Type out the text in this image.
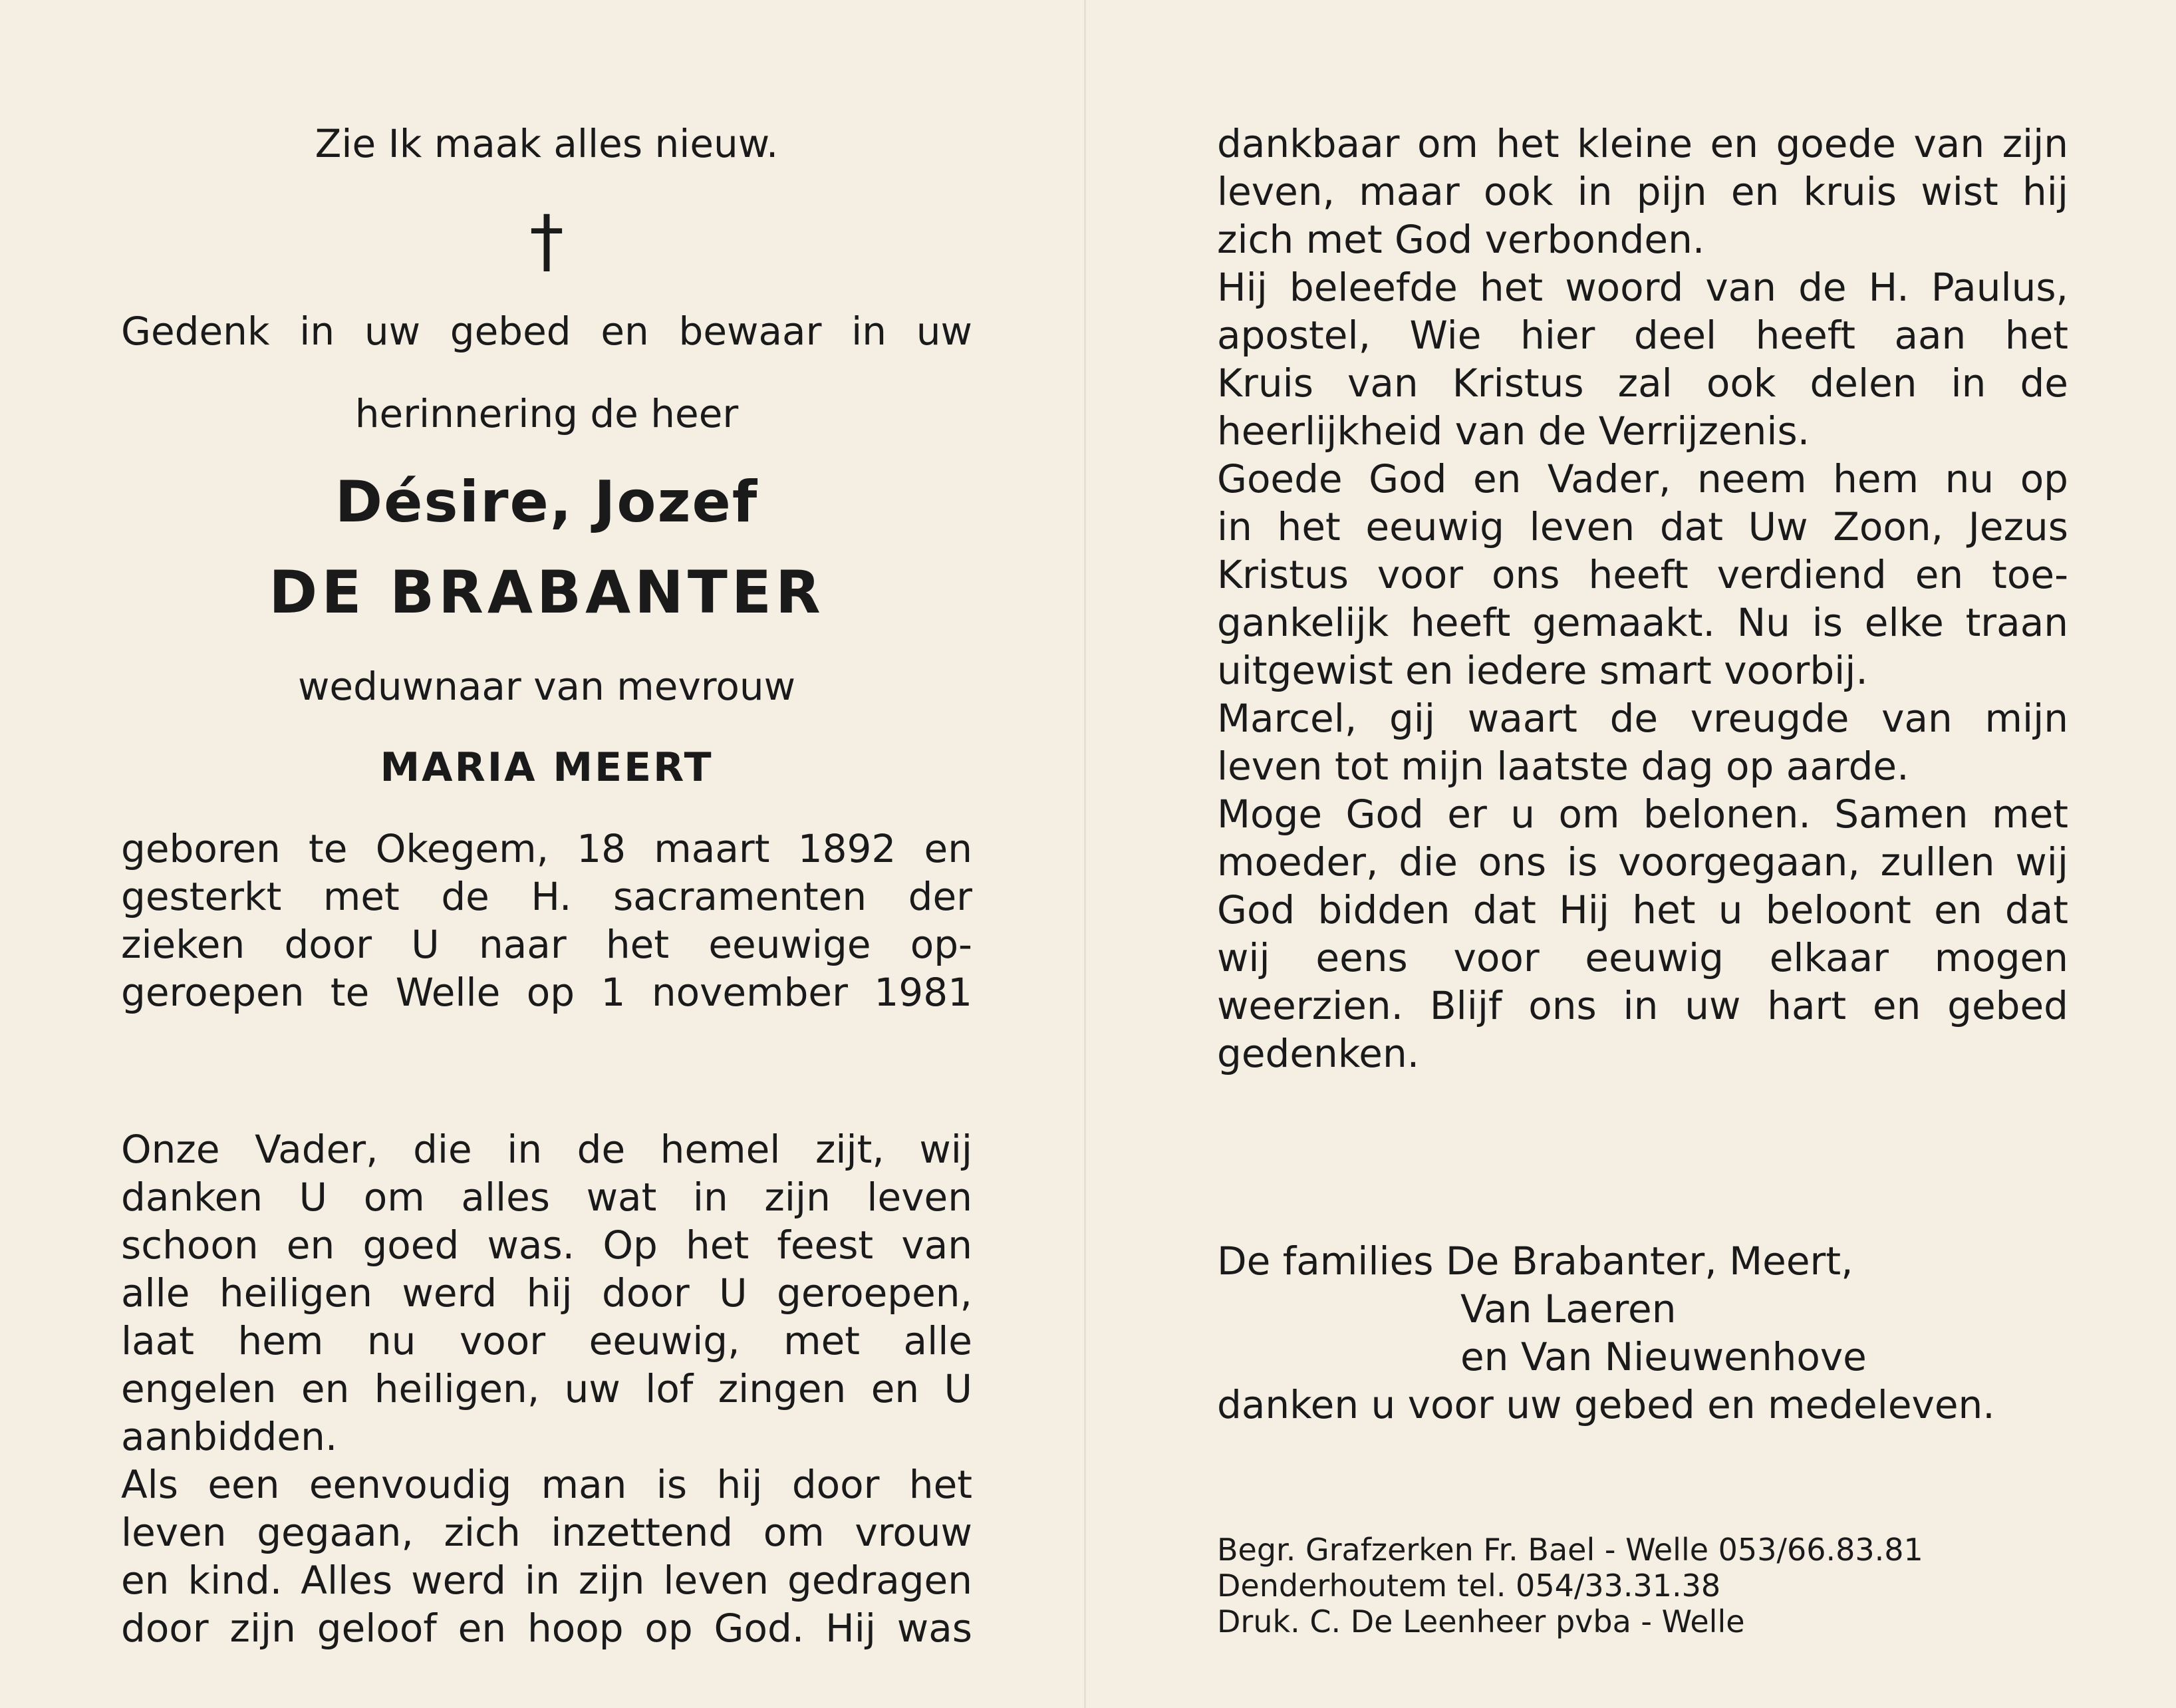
Zie Ik maak alles nieuw.
†
Gedenk in uw gebed en bewaar in uw
herinnering de heer
Désire, Jozef
DE BRABANTER
weduwnaar van mevrouw
MARIA MEERT
geboren te Okegem, 18 maart 1892 en
gesterkt met de H. sacramenten der
zieken door U naar het eeuwige op-
geroepen te Welle op 1 november 1981
Onze Vader, die in de hemel zijt, wij
danken U om alles wat in zijn leven
schoon en goed was. Op het feest van
alle heiligen werd hij door U geroepen,
laat hem nu voor eeuwig, met alle
engelen en heiligen, uw lof zingen en U
aanbidden.
Als een eenvoudig man is hij door het
leven gegaan, zich inzettend om vrouw
en kind. Alles werd in zijn leven gedragen
door zijn geloof en hoop op God. Hij was
dankbaar om het kleine en goede van zijn
leven, maar ook in pijn en kruis wist hij
zich met God verbonden.
Hij beleefde het woord van de H. Paulus,
apostel, Wie hier deel heeft aan het
Kruis van Kristus zal ook delen in de
heerlijkheid van de Verrijzenis.
Goede God en Vader, neem hem nu op
in het eeuwig leven dat Uw Zoon, Jezus
Kristus voor ons heeft verdiend en toe-
gankelijk heeft gemaakt. Nu is elke traan
uitgewist en iedere smart voorbij.
Marcel, gij waart de vreugde van mijn
leven tot mijn laatste dag op aarde.
Moge God er u om belonen. Samen met
moeder, die ons is voorgegaan, zullen wij
God bidden dat Hij het u beloont en dat
wij eens voor eeuwig elkaar mogen
weerzien. Blijf ons in uw hart en gebed
gedenken.
De families De Brabanter, Meert,
Van Laeren
en Van Nieuwenhove
danken u voor uw gebed en medeleven.
Begr. Grafzerken Fr. Bael - Welle 053/66.83.81
Denderhoutem tel. 054/33.31.38
Druk. C. De Leenheer pvba - Welle
